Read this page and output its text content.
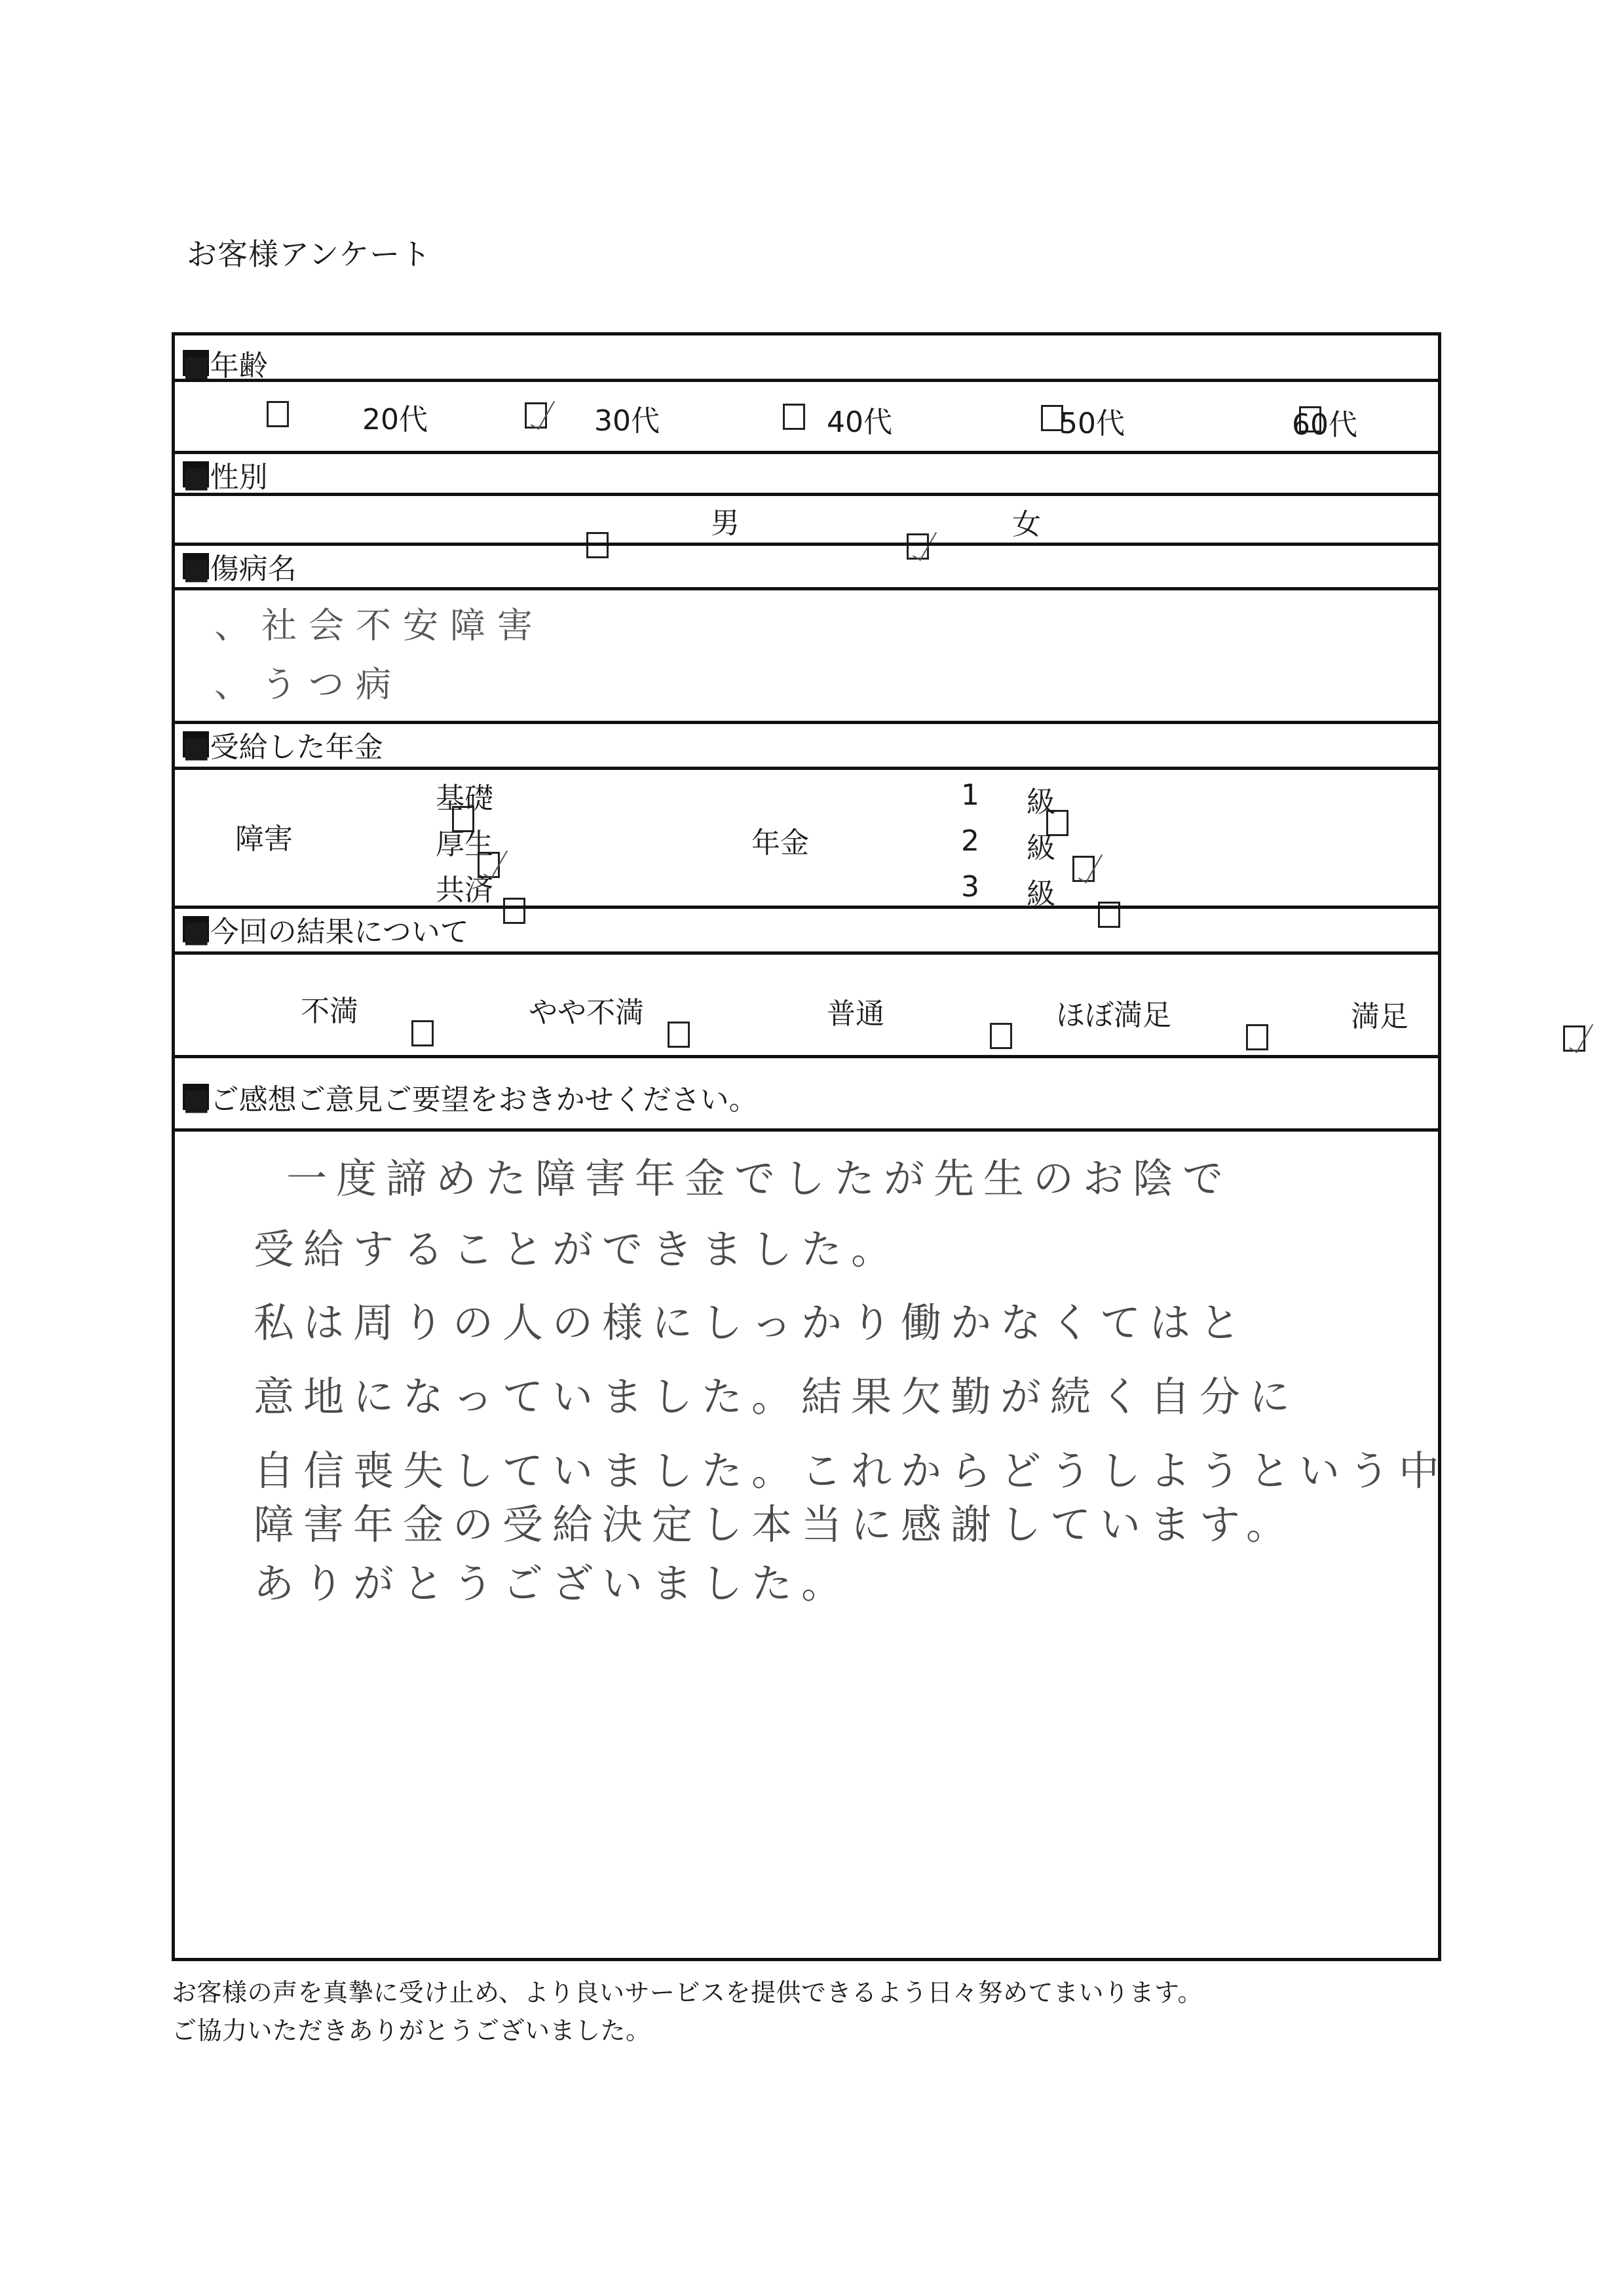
お客様アンケート
■年齢

20代
	30代
	40代
	50代	60代
■性別

男
	女
■傷病名
、社会不安障害
、うつ病
■受給した年金
障害

基礎

厚生

共済
年金

1 級

2 級

3 級
■今回の結果について

不満
	やや不満
	普通
	ほぼ満足	満足
■ご感想ご意見ご要望をおきかせください。
一度諦めた障害年金でしたが先生のお陰で
受給することができました。
私は周りの人の様にしっかり働かなくてはと
意地になっていました。結果欠勤が続く自分に
自信喪失していました。これからどうしようという中
障害年金の受給決定し本当に感謝しています。
ありがとうございました。
お客様の声を真摯に受け止め、より良いサービスを提供できるよう日々努めてまいります。
ご協力いただきありがとうございました。
